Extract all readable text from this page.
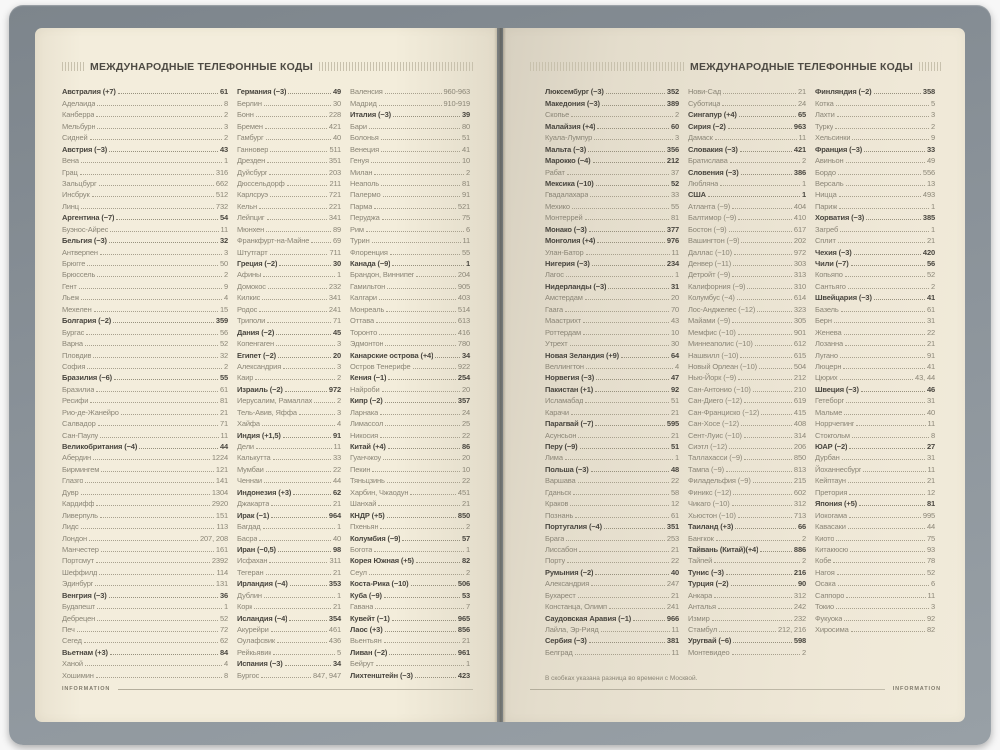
МЕЖДУНАРОДНЫЕ ТЕЛЕФОННЫЕ КОДЫ
Австралия (+7)	61
Аделаида	8
Канберра	2
Мельбурн	3
Сидней	2
Австрия (−3)	43
Вена	1
Грац	316
Зальцбург	662
Инсбрук	512
Линц	732
Аргентина (−7)	54
Буэнос-Айрес	11
Бельгия (−3)	32
Антверпен	3
Брюгге	50
Брюссель	2
Гент	9
Льеж	4
Мехелен	15
Болгария (−2)	359
Бургас	56
Варна	52
Пловдив	32
София	2
Бразилия (−6)	55
Бразилиа	61
Ресифи	81
Рио-де-Жанейро	21
Салвадор	71
Сан-Паулу	11
Великобритания (−4)	44
Абердин	1224
Бирмингем	121
Глазго	141
Дувр	1304
Кардифф	2920
Ливерпуль	151
Лидс	113
Лондон	207, 208
Манчестер	161
Портсмут	2392
Шеффилд	114
Эдинбург	131
Венгрия (−3)	36
Будапешт	1
Дебрецен	52
Печ	72
Сегед	62
Вьетнам (+3)	84
Ханой	4
Хошимин	8
Германия (−3)	49
Берлин	30
Бонн	228
Бремен	421
Гамбург	40
Ганновер	511
Дрезден	351
Дуйсбург	203
Дюссельдорф	211
Карлсруэ	721
Кельн	221
Лейпциг	341
Мюнхен	89
Франкфурт-на-Майне	69
Штутгарт	711
Греция (−2)	30
Афины	1
Домокос	232
Килкис	341
Родос	241
Триполи	71
Дания (−2)	45
Копенгаген	3
Египет (−2)	20
Александрия	3
Каир	2
Израиль (−2)	972
Иерусалим, Рамаллах	2
Тель-Авив, Яффа	3
Хайфа	4
Индия (+1,5)	91
Дели	11
Калькутта	33
Мумбаи	22
Ченнаи	44
Индонезия (+3)	62
Джакарта	21
Ирак (−1)	964
Багдад	1
Басра	40
Иран (−0,5)	98
Исфахан	311
Тегеран	21
Ирландия (−4)	353
Дублин	1
Корк	21
Исландия (−4)	354
Акурейри	461
Оулафсвик	436
Рейкьявик	5
Испания (−3)	34
Бургос	847, 947
Валенсия	960-963
Мадрид	910-919
Италия (−3)	39
Бари	80
Болонья	51
Венеция	41
Генуя	10
Милан	2
Неаполь	81
Палермо	91
Парма	521
Перуджа	75
Рим	6
Турин	11
Флоренция	55
Канада (−9)	1
Брандон, Виннипег	204
Гамильтон	905
Калгари	403
Монреаль	514
Оттава	613
Торонто	416
Эдмонтон	780
Канарские острова (+4)	34
Остров Тенерифе	922
Кения (−1)	254
Найроби	20
Кипр (−2)	357
Ларнака	24
Лимассол	25
Никосия	22
Китай (+4)	86
Гуанчжоу	20
Пекин	10
Тяньцзинь	22
Харбин, Чжаодун	451
Шанхай	21
КНДР (+5)	850
Пхеньян	2
Колумбия (−9)	57
Богота	1
Корея Южная (+5)	82
Сеул	2
Коста-Рика (−10)	506
Куба (−9)	53
Гавана	7
Кувейт (−1)	965
Лаос (+3)	856
Вьентьян	21
Ливан (−2)	961
Бейрут	1
Лихтенштейн (−3)	423
INFORMATION
МЕЖДУНАРОДНЫЕ ТЕЛЕФОННЫЕ КОДЫ
Люксембург (−3)	352
Македония (−3)	389
Скопье	2
Малайзия (+4)	60
Куала-Лумпур	3
Мальта (−3)	356
Марокко (−4)	212
Рабат	37
Мексика (−10)	52
Гвадалахара	33
Мехико	55
Монтеррей	81
Монако (−3)	377
Монголия (+4)	976
Улан-Батор	11
Нигерия (−3)	234
Лагос	1
Нидерланды (−3)	31
Амстердам	20
Гаага	70
Маастрихт	43
Роттердам	10
Утрехт	30
Новая Зеландия (+9)	64
Веллингтон	4
Норвегия (−3)	47
Пакистан (+1)	92
Исламабад	51
Карачи	21
Парагвай (−7)	595
Асунсьон	21
Перу (−9)	51
Лима	1
Польша (−3)	48
Варшава	22
Гданьск	58
Краков	12
Познань	61
Португалия (−4)	351
Брага	253
Лиссабон	21
Порту	22
Румыния (−2)	40
Александрия	247
Бухарест	21
Констанца, Олимп	241
Саудовская Аравия (−1)	966
Лайла, Эр-Рияд	11
Сербия (−3)	381
Белград	11
Нови-Сад	21
Суботица	24
Сингапур (+4)	65
Сирия (−2)	963
Дамаск	11
Словакия (−3)	421
Братислава	2
Словения (−3)	386
Любляна	1
США	1
Атланта (−9)	404
Балтимор (−9)	410
Бостон (−9)	617
Вашингтон (−9)	202
Даллас (−10)	972
Денвер (−11)	303
Детройт (−9)	313
Калифорния (−9)	310
Колумбус (−4)	614
Лос-Анджелес (−12)	323
Майами (−9)	305
Мемфис (−10)	901
Миннеаполис (−10)	612
Нашвилл (−10)	615
Новый Орлеан (−10)	504
Нью-Йорк (−9)	212
Сан-Антонио (−10)	210
Сан-Диего (−12)	619
Сан-Франциско (−12)	415
Сан-Хосе (−12)	408
Сент-Луис (−10)	314
Сиэтл (−12)	206
Таллахасси (−9)	850
Тампа (−9)	813
Филадельфия (−9)	215
Финикс (−12)	602
Чикаго (−10)	312
Хьюстон (−10)	713
Таиланд (+3)	66
Бангкок	2
Тайвань (Китай)(+4)	886
Тайпей	2
Тунис (−3)	216
Турция (−2)	90
Анкара	312
Анталья	242
Измир	232
Стамбул	212, 216
Уругвай (−6)	598
Монтевидео	2
Финляндия (−2)	358
Котка	5
Лахти	3
Турку	2
Хельсинки	9
Франция (−3)	33
Авиньон	49
Бордо	556
Версаль	13
Ницца	493
Париж	1
Хорватия (−3)	385
Загреб	1
Сплит	21
Чехия (−3)	420
Чили (−7)	56
Копьяпо	52
Сантьяго	2
Швейцария (−3)	41
Базель	61
Берн	31
Женева	22
Лозанна	21
Лугано	91
Люцерн	41
Цюрих	43, 44
Швеция (−3)	46
Гетеборг	31
Мальме	40
Норрчепинг	11
Стокгольм	8
ЮАР (−2)	27
Дурбан	31
Йоханнесбург	11
Кейптаун	21
Претория	12
Япония (+5)	81
Иокогама	995
Кавасаки	44
Киото	75
Китакюсю	93
Кобе	78
Нагоя	52
Осака	6
Саппоро	11
Токио	3
Фукуока	92
Хиросима	82
В скобках указана разница во времени с Москвой.
INFORMATION
